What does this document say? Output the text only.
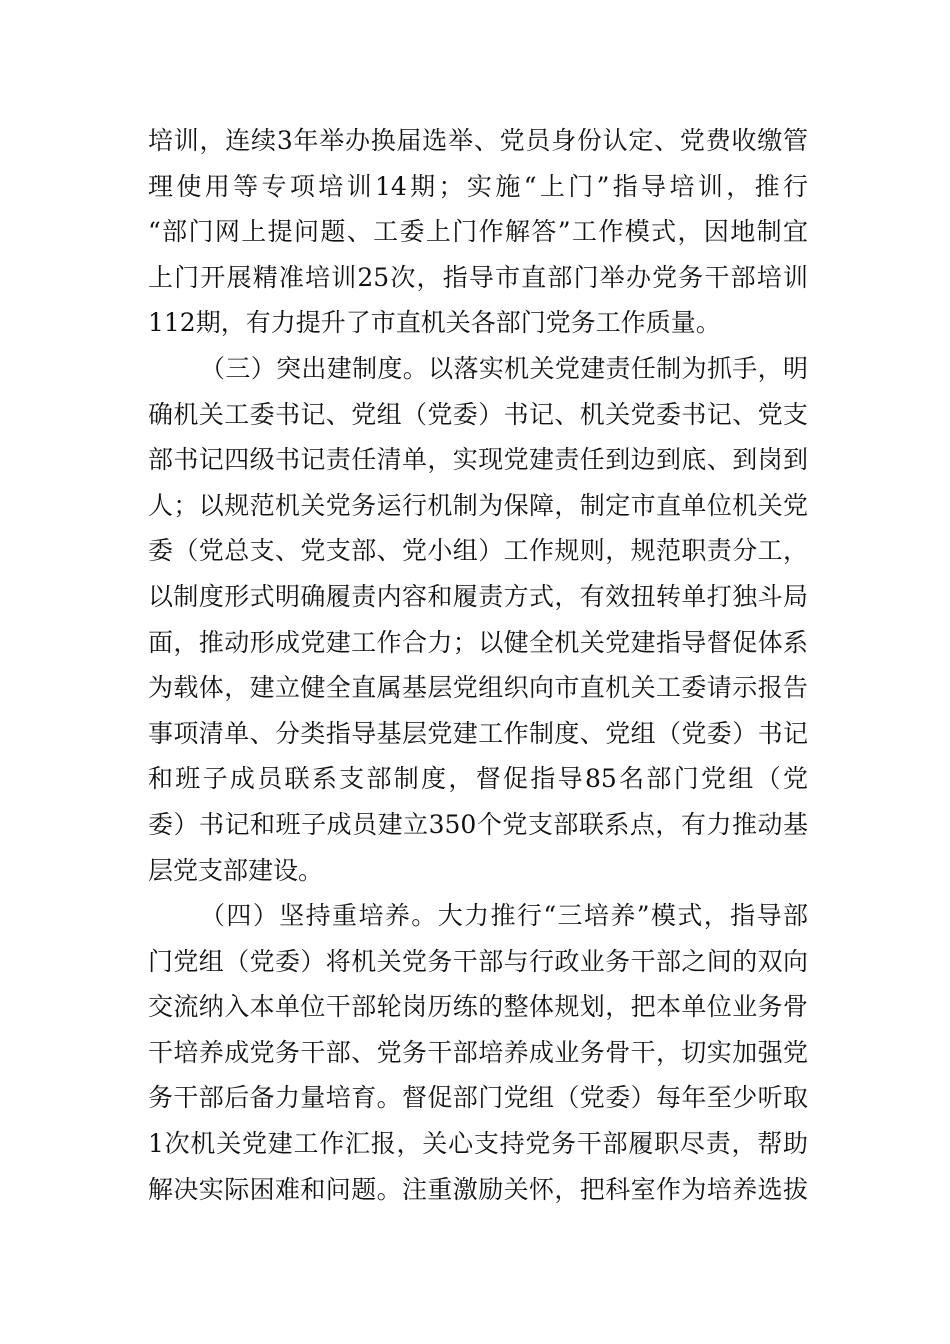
培训，连续3年举办换届选举、党员身份认定、党费收缴管
理使用等专项培训14期；实施“上门”指导培训，推行
“部门网上提问题、工委上门作解答”工作模式，因地制宜
上门开展精准培训25次，指导市直部门举办党务干部培训
112期，有力提升了市直机关各部门党务工作质量。
（三）突出建制度。以落实机关党建责任制为抓手，明
确机关工委书记、党组（党委）书记、机关党委书记、党支
部书记四级书记责任清单，实现党建责任到边到底、到岗到
人；以规范机关党务运行机制为保障，制定市直单位机关党
委（党总支、党支部、党小组）工作规则，规范职责分工，
以制度形式明确履责内容和履责方式，有效扭转单打独斗局
面，推动形成党建工作合力；以健全机关党建指导督促体系
为载体，建立健全直属基层党组织向市直机关工委请示报告
事项清单、分类指导基层党建工作制度、党组（党委）书记
和班子成员联系支部制度，督促指导85名部门党组（党
委）书记和班子成员建立350个党支部联系点，有力推动基
层党支部建设。
（四）坚持重培养。大力推行“三培养”模式，指导部
门党组（党委）将机关党务干部与行政业务干部之间的双向
交流纳入本单位干部轮岗历练的整体规划，把本单位业务骨
干培养成党务干部、党务干部培养成业务骨干，切实加强党
务干部后备力量培育。督促部门党组（党委）每年至少听取
1次机关党建工作汇报，关心支持党务干部履职尽责，帮助
解决实际困难和问题。注重激励关怀，把科室作为培养选拔
